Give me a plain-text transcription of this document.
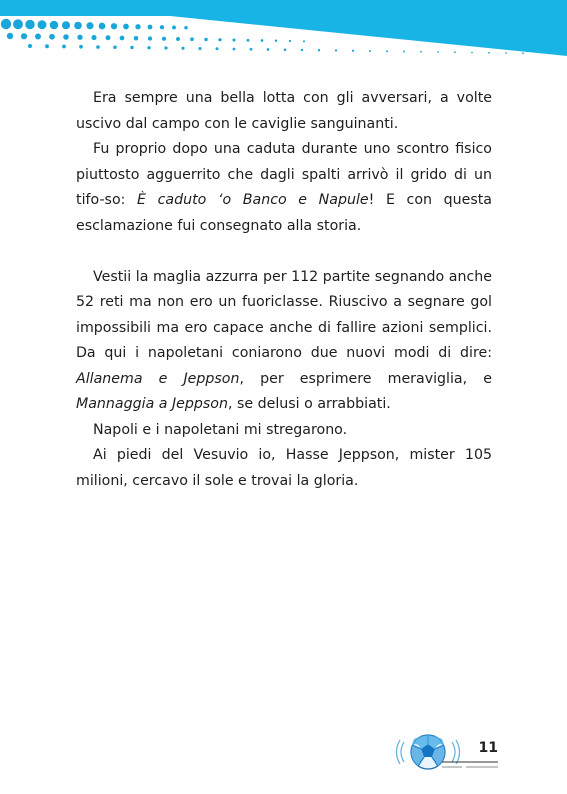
Era sempre una bella lotta con gli avversari, a volte uscivo dal campo con le caviglie sanguinanti.

Fu proprio dopo una caduta durante uno scontro fisico piuttosto agguerrito che dagli spalti arrivò il grido di un tifo-so: È caduto ‘o Banco e Napule! E con questa esclamazione fui consegnato alla storia.

Vestii la maglia azzurra per 112 partite segnando anche 52 reti ma non ero un fuoriclasse. Riuscivo a segnare gol impossibili ma ero capace anche di fallire azioni semplici. Da qui i napoletani coniarono due nuovi modi di dire: Allanema e Jeppson, per esprimere meraviglia, e Mannaggia a Jeppson, se delusi o arrabbiati.

Napoli e i napoletani mi stregarono.

Ai piedi del Vesuvio io, Hasse Jeppson, mister 105 milioni, cercavo il sole e trovai la gloria.

11
